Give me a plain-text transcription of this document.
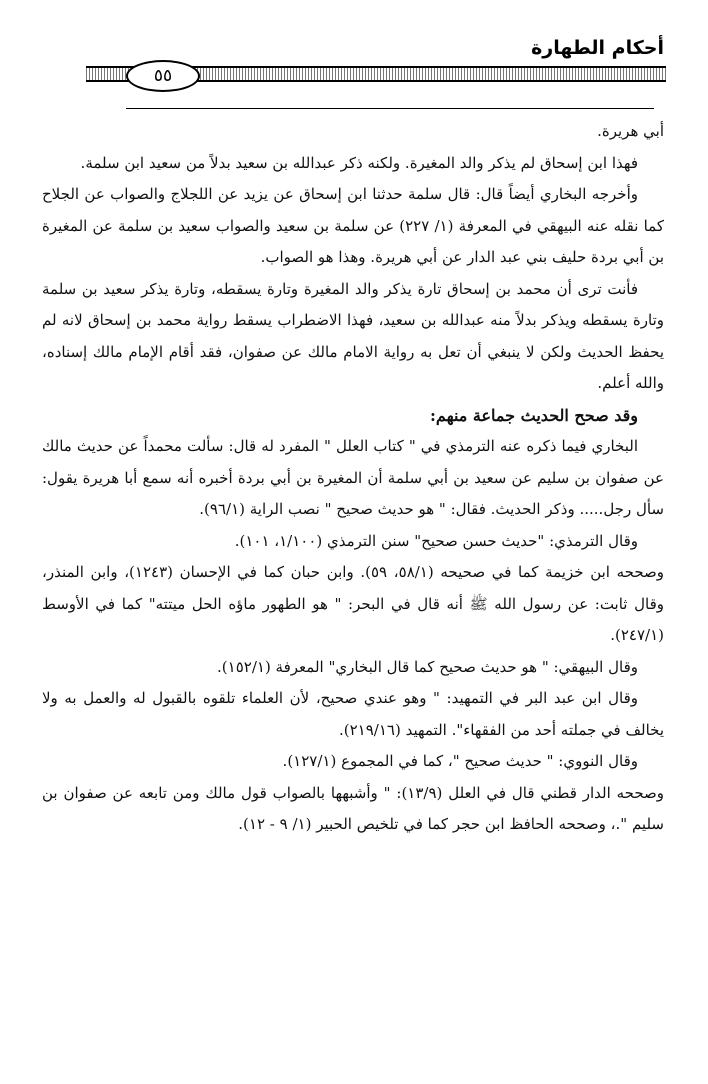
أحكام الطهارة
٥٥

أبي هريرة.

فهذا ابن إسحاق لم يذكر والد المغيرة. ولكنه ذكر عبدالله بن سعيد بدلاً من سعيد ابن سلمة.

وأخرجه البخاري أيضاً قال: قال سلمة حدثنا ابن إسحاق عن يزيد عن اللجلاج والصواب عن الجلاح كما نقله عنه البيهقي في المعرفة (١/ ٢٢٧) عن سلمة بن سعيد والصواب سعيد بن سلمة عن المغيرة بن أبي بردة حليف بني عبد الدار عن أبي هريرة. وهذا هو الصواب.

فأنت ترى أن محمد بن إسحاق تارة يذكر والد المغيرة وتارة يسقطه، وتارة يذكر سعيد بن سلمة وتارة يسقطه ويذكر بدلاً منه عبدالله بن سعيد، فهذا الاضطراب يسقط رواية محمد بن إسحاق لانه لم يحفظ الحديث ولكن لا ينبغي أن تعل به رواية الامام مالك عن صفوان، فقد أقام الإمام مالك إسناده، والله أعلم.

وقد صحح الحديث جماعة منهم:

البخاري فيما ذكره عنه الترمذي في " كتاب العلل " المفرد له قال: سألت محمداً عن حديث مالك عن صفوان بن سليم عن سعيد بن أبي سلمة أن المغيرة بن أبي بردة أخبره أنه سمع أبا هريرة يقول: سأل رجل..... وذكر الحديث. فقال: " هو حديث صحيح " نصب الراية (٩٦/١).

وقال الترمذي: "حديث حسن صحيح" سنن الترمذي (١/١٠٠، ١٠١).

وصححه ابن خزيمة كما في صحيحه (٥٨/١، ٥٩). وابن حبان كما في الإحسان (١٢٤٣)، وابن المنذر، وقال ثابت: عن رسول الله ﷺ أنه قال في البحر: " هو الطهور ماؤه الحل ميتته" كما في الأوسط (٢٤٧/١).

وقال البيهقي: " هو حديث صحيح كما قال البخاري" المعرفة (١٥٢/١).

وقال ابن عبد البر في التمهيد: " وهو عندي صحيح، لأن العلماء تلقوه بالقبول له والعمل به ولا يخالف في جملته أحد من الفقهاء". التمهيد (٢١٩/١٦).

وقال النووي: " حديث صحيح "، كما في المجموع (١٢٧/١).

وصححه الدار قطني قال في العلل (١٣/٩): " وأشبهها بالصواب قول مالك ومن تابعه عن صفوان بن سليم ".، وصححه الحافظ ابن حجر كما في تلخيص الحبير (١/ ٩ - ١٢).
